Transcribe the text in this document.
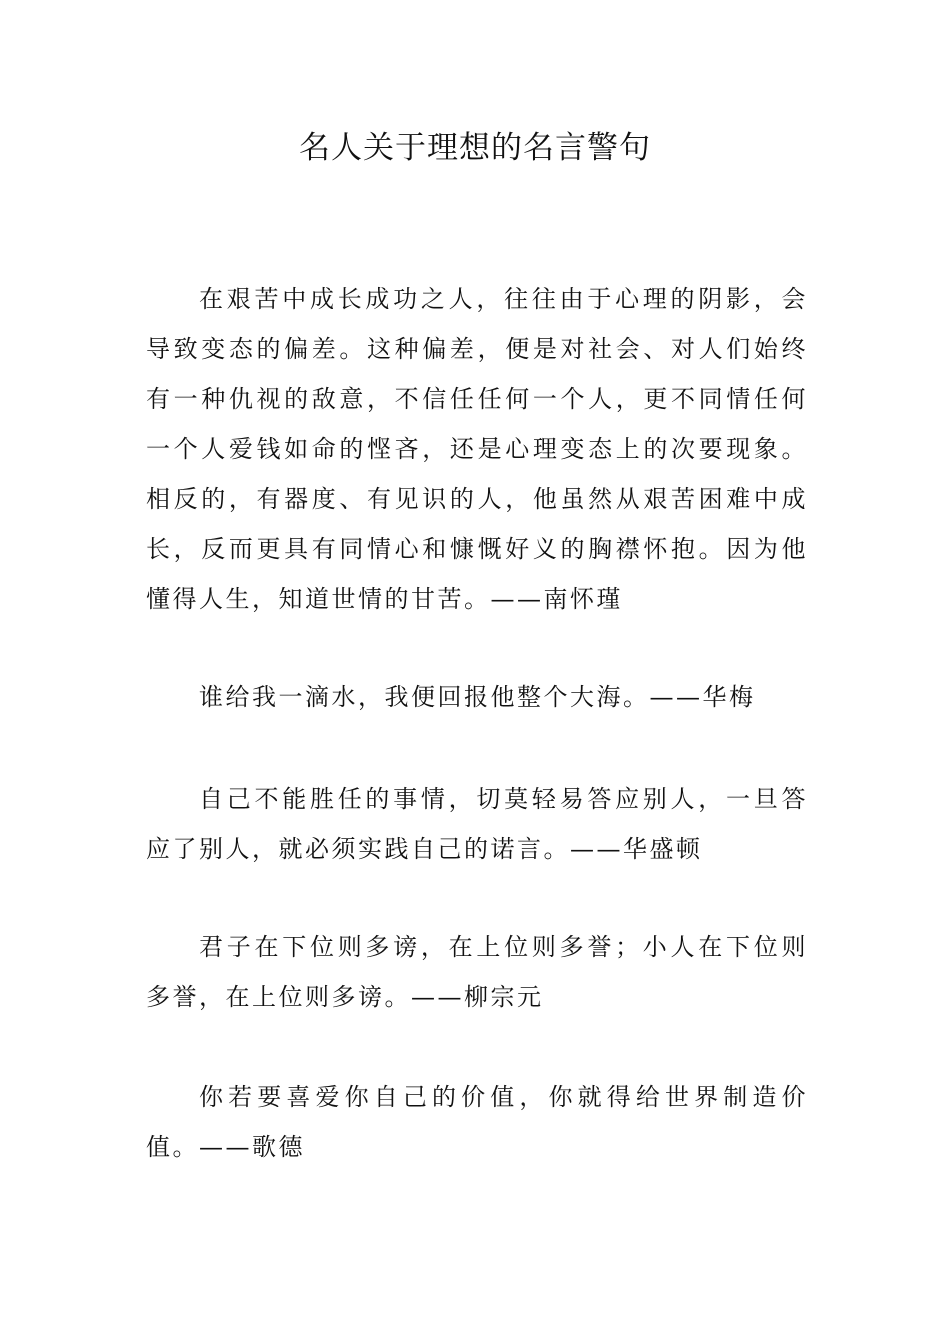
名人关于理想的名言警句

在艰苦中成长成功之人，往往由于心理的阴影，会导致变态的偏差。这种偏差，便是对社会、对人们始终有一种仇视的敌意，不信任任何一个人，更不同情任何一个人爱钱如命的悭吝，还是心理变态上的次要现象。相反的，有器度、有见识的人，他虽然从艰苦困难中成长，反而更具有同情心和慷慨好义的胸襟怀抱。因为他懂得人生，知道世情的甘苦。——南怀瑾

谁给我一滴水，我便回报他整个大海。——华梅

自己不能胜任的事情，切莫轻易答应别人，一旦答应了别人，就必须实践自己的诺言。——华盛顿

君子在下位则多谤，在上位则多誉；小人在下位则多誉，在上位则多谤。——柳宗元

你若要喜爱你自己的价值，你就得给世界制造价值。——歌德
